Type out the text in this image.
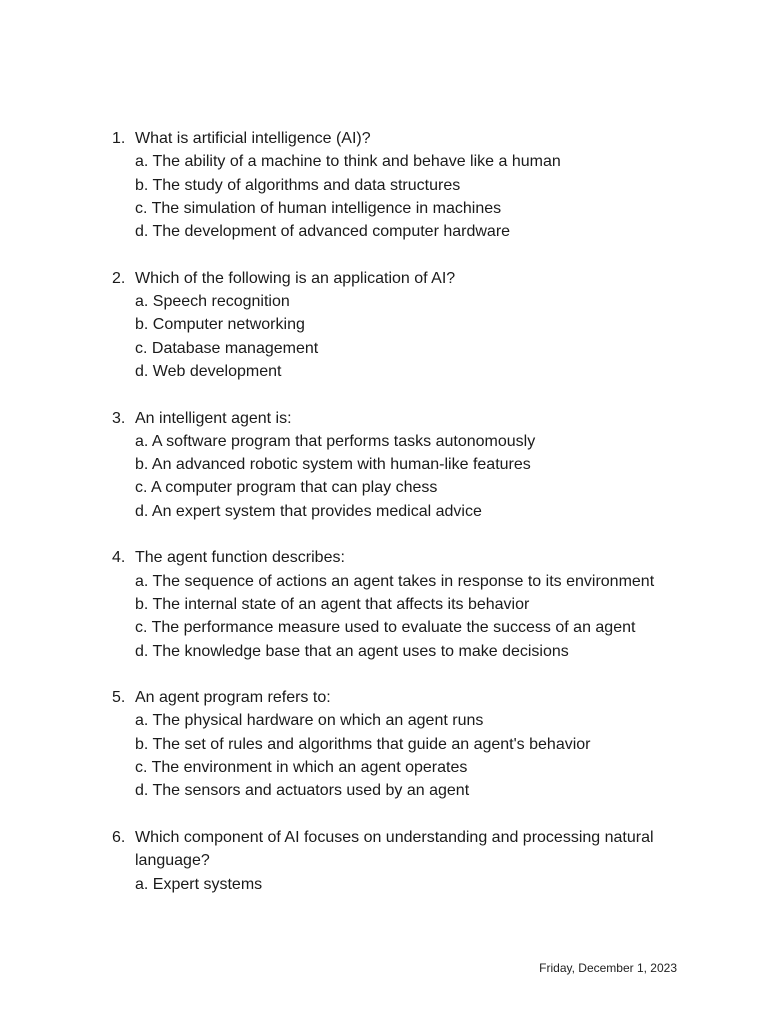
1. What is artificial intelligence (AI)?
a. The ability of a machine to think and behave like a human
b. The study of algorithms and data structures
c. The simulation of human intelligence in machines
d. The development of advanced computer hardware
2. Which of the following is an application of AI?
a. Speech recognition
b. Computer networking
c. Database management
d. Web development
3. An intelligent agent is:
a. A software program that performs tasks autonomously
b. An advanced robotic system with human-like features
c. A computer program that can play chess
d. An expert system that provides medical advice
4. The agent function describes:
a. The sequence of actions an agent takes in response to its environment
b. The internal state of an agent that affects its behavior
c. The performance measure used to evaluate the success of an agent
d. The knowledge base that an agent uses to make decisions
5. An agent program refers to:
a. The physical hardware on which an agent runs
b. The set of rules and algorithms that guide an agent's behavior
c. The environment in which an agent operates
d. The sensors and actuators used by an agent
6. Which component of AI focuses on understanding and processing natural language?
a. Expert systems
Friday, December 1, 2023
